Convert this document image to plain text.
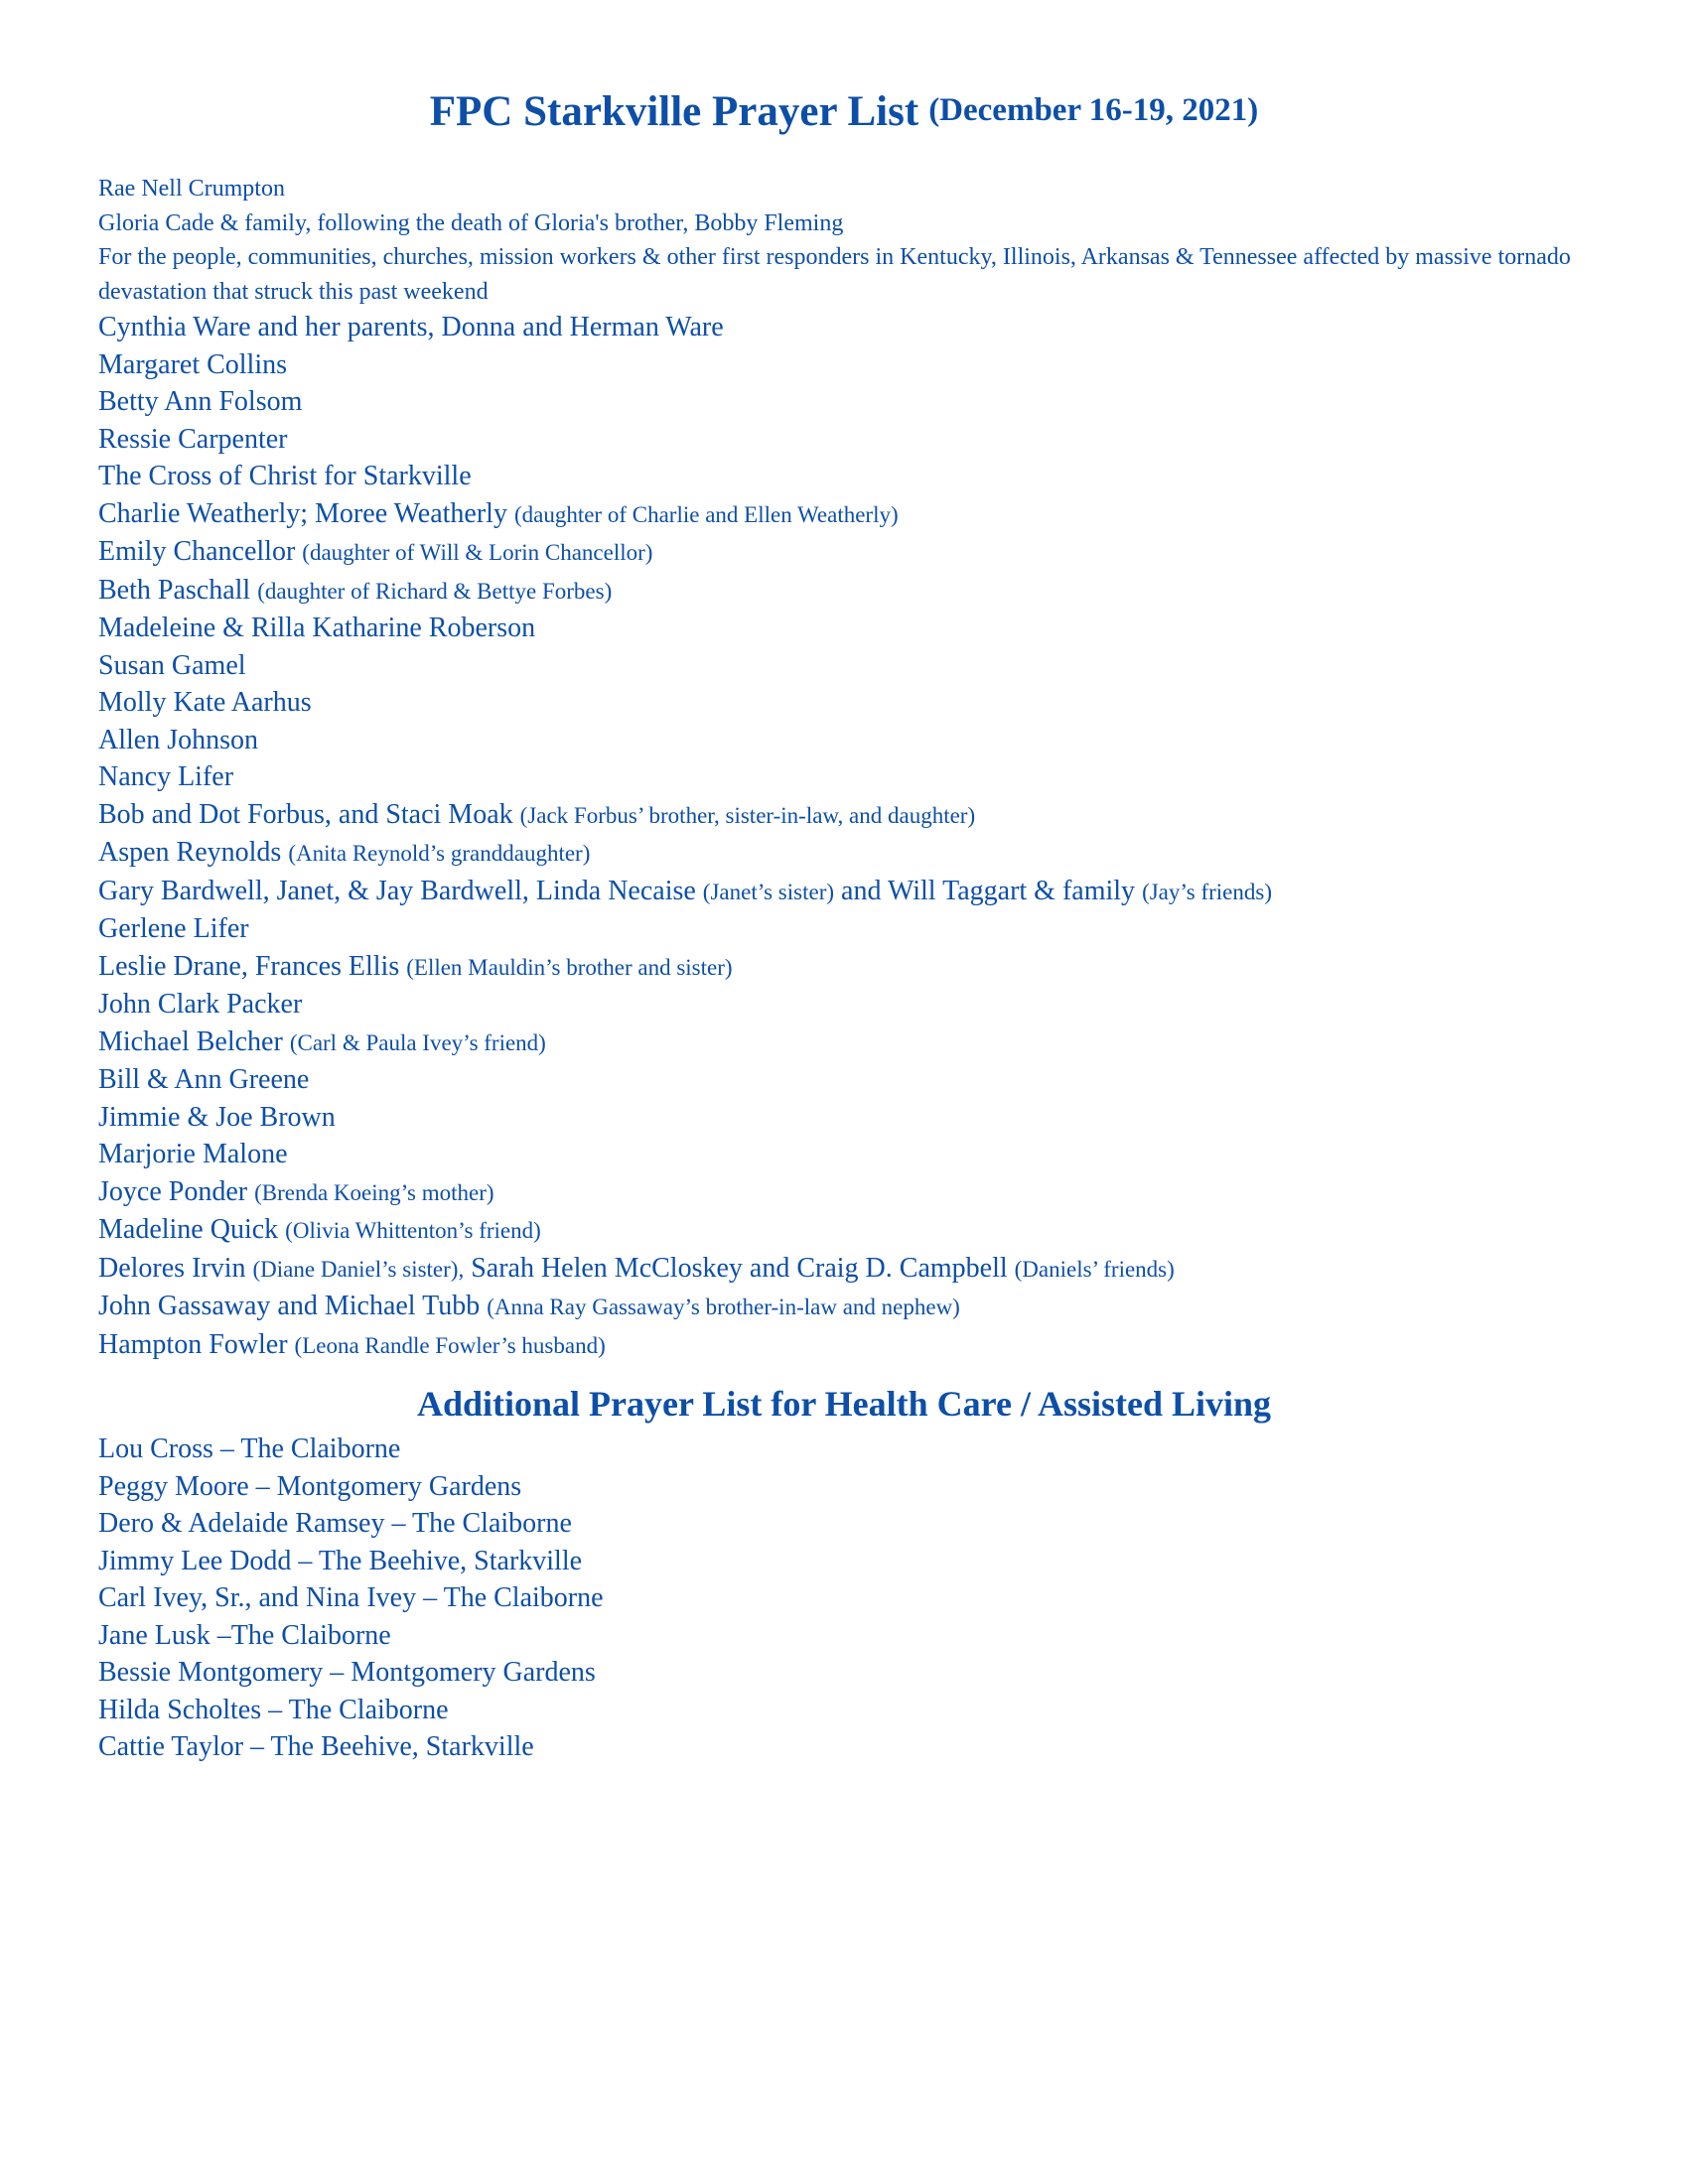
FPC Starkville Prayer List (December 16-19, 2021)
Rae Nell Crumpton
Gloria Cade & family, following the death of Gloria's brother, Bobby Fleming
For the people, communities, churches, mission workers & other first responders in Kentucky, Illinois, Arkansas & Tennessee affected by massive tornado devastation that struck this past weekend
Cynthia Ware and her parents, Donna and Herman Ware
Margaret Collins
Betty Ann Folsom
Ressie Carpenter
The Cross of Christ for Starkville
Charlie Weatherly; Moree Weatherly (daughter of Charlie and Ellen Weatherly)
Emily Chancellor (daughter of Will & Lorin Chancellor)
Beth Paschall (daughter of Richard & Bettye Forbes)
Madeleine & Rilla Katharine Roberson
Susan Gamel
Molly Kate Aarhus
Allen Johnson
Nancy Lifer
Bob and Dot Forbus, and Staci Moak (Jack Forbus’ brother, sister-in-law, and daughter)
Aspen Reynolds (Anita Reynold’s granddaughter)
Gary Bardwell, Janet, & Jay Bardwell, Linda Necaise (Janet’s sister) and Will Taggart & family (Jay’s friends)
Gerlene Lifer
Leslie Drane, Frances Ellis (Ellen Mauldin’s brother and sister)
John Clark Packer
Michael Belcher (Carl & Paula Ivey’s friend)
Bill & Ann Greene
Jimmie & Joe Brown
Marjorie Malone
Joyce Ponder (Brenda Koeing’s mother)
Madeline Quick (Olivia Whittenton’s friend)
Delores Irvin (Diane Daniel’s sister), Sarah Helen McCloskey and Craig D. Campbell (Daniels’ friends)
John Gassaway and Michael Tubb (Anna Ray Gassaway’s brother-in-law and nephew)
Hampton Fowler (Leona Randle Fowler’s husband)
Additional Prayer List for Health Care / Assisted Living
Lou Cross – The Claiborne
Peggy Moore – Montgomery Gardens
Dero & Adelaide Ramsey – The Claiborne
Jimmy Lee Dodd – The Beehive, Starkville
Carl Ivey, Sr., and Nina Ivey – The Claiborne
Jane Lusk –The Claiborne
Bessie Montgomery – Montgomery Gardens
Hilda Scholtes – The Claiborne
Cattie Taylor – The Beehive, Starkville
